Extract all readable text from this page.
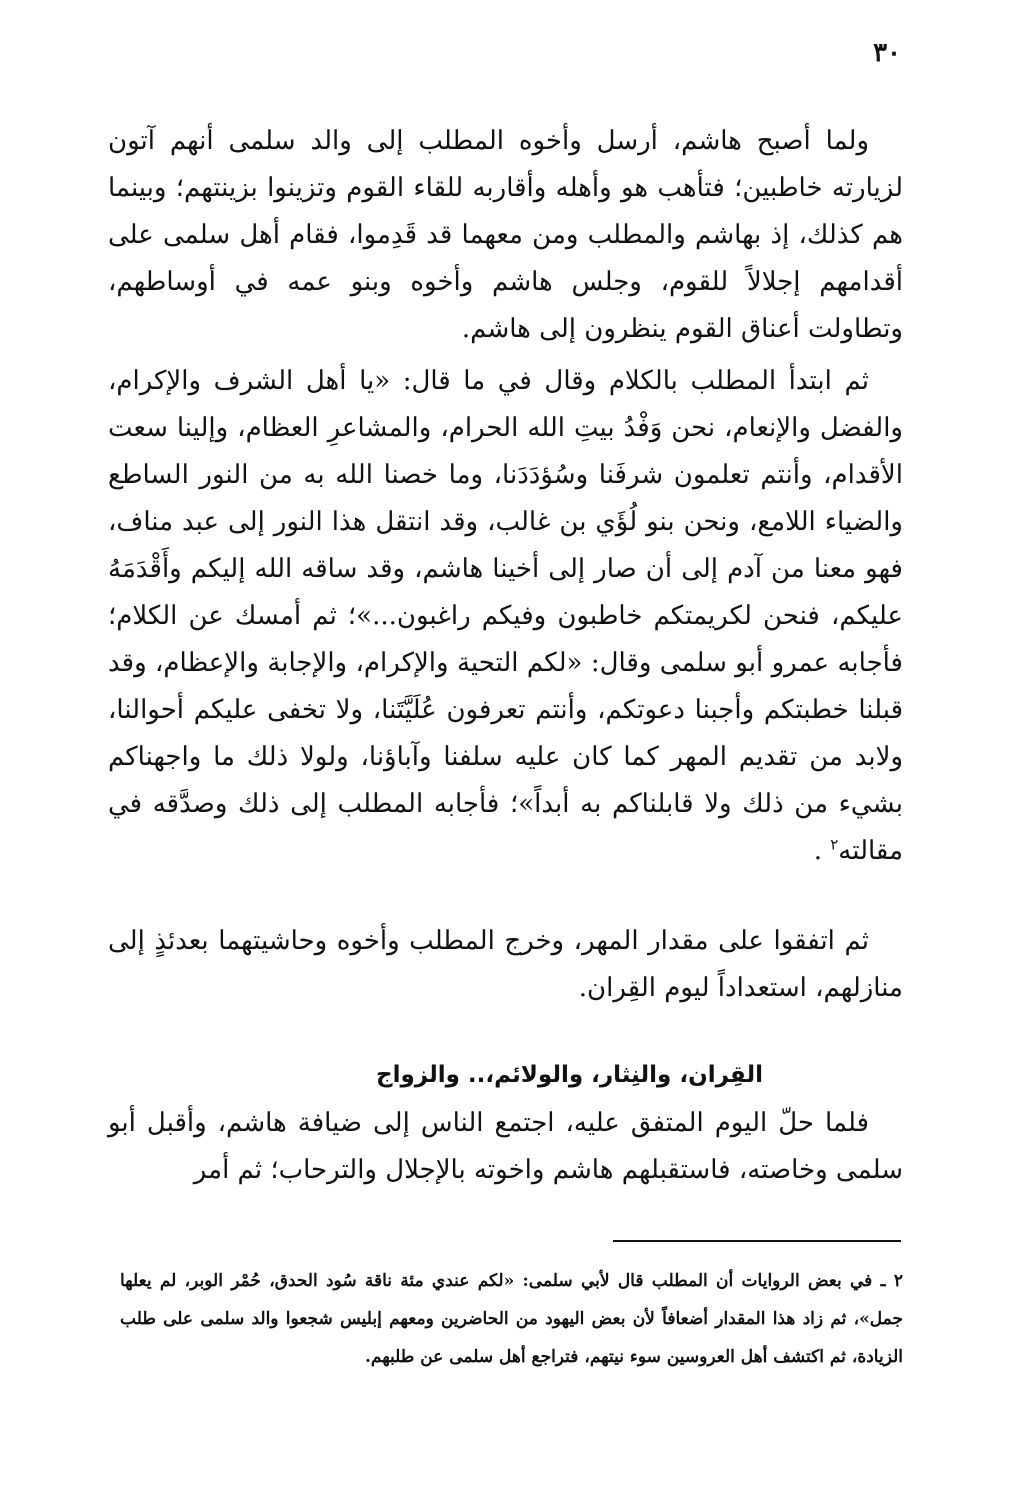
٣٠

ولما أصبح هاشم، أرسل وأخوه المطلب إلى والد سلمى أنهم آتون لزيارته خاطبين؛ فتأهب هو وأهله وأقاربه للقاء القوم وتزينوا بزينتهم؛ وبينما هم كذلك، إذ بهاشم والمطلب ومن معهما قد قَدِموا، فقام أهل سلمى على أقدامهم إجلالاً للقوم، وجلس هاشم وأخوه وبنو عمه في أوساطهم، وتطاولت أعناق القوم ينظرون إلى هاشم.

ثم ابتدأ المطلب بالكلام وقال في ما قال: «يا أهل الشرف والإكرام، والفضل والإنعام، نحن وَفْدُ بيتِ الله الحرام، والمشاعرِ العظام، وإلينا سعت الأقدام، وأنتم تعلمون شرفَنا وسُؤدَدَنا، وما خصنا الله به من النور الساطع والضياء اللامع، ونحن بنو لُؤَي بن غالب، وقد انتقل هذا النور إلى عبد مناف، فهو معنا من آدم إلى أن صار إلى أخينا هاشم، وقد ساقه الله إليكم وأَقْدَمَهُ عليكم، فنحن لكريمتكم خاطبون وفيكم راغبون...»؛ ثم أمسك عن الكلام؛ فأجابه عمرو أبو سلمى وقال: «لكم التحية والإكرام، والإجابة والإعظام، وقد قبلنا خطبتكم وأجبنا دعوتكم، وأنتم تعرفون عُلَيَّتَنا، ولا تخفى عليكم أحوالنا، ولابد من تقديم المهر كما كان عليه سلفنا وآباؤنا، ولولا ذلك ما واجهناكم بشيء من ذلك ولا قابلناكم به أبداً»؛ فأجابه المطلب إلى ذلك وصدَّقه في مقالته$^٢$ .

ثم اتفقوا على مقدار المهر، وخرج المطلب وأخوه وحاشيتهما بعدئذٍ إلى منازلهم، استعداداً ليوم القِران.

القِران، والنِثار، والولائم،.. والزواج

فلما حلّ اليوم المتفق عليه، اجتمع الناس إلى ضيافة هاشم، وأقبل أبو سلمى وخاصته، فاستقبلهم هاشم واخوته بالإجلال والترحاب؛ ثم أمر

٢ ـ في بعض الروايات أن المطلب قال لأبي سلمى: «لكم عندي مئة ناقة سُود الحدق، حُمْر الوبر، لم يعلها جمل»، ثم زاد هذا المقدار أضعافاً لأن بعض اليهود من الحاضرين ومعهم إبليس شجعوا والد سلمى على طلب الزيادة، ثم اكتشف أهل العروسين سوء نيتهم، فتراجع أهل سلمى عن طلبهم.
